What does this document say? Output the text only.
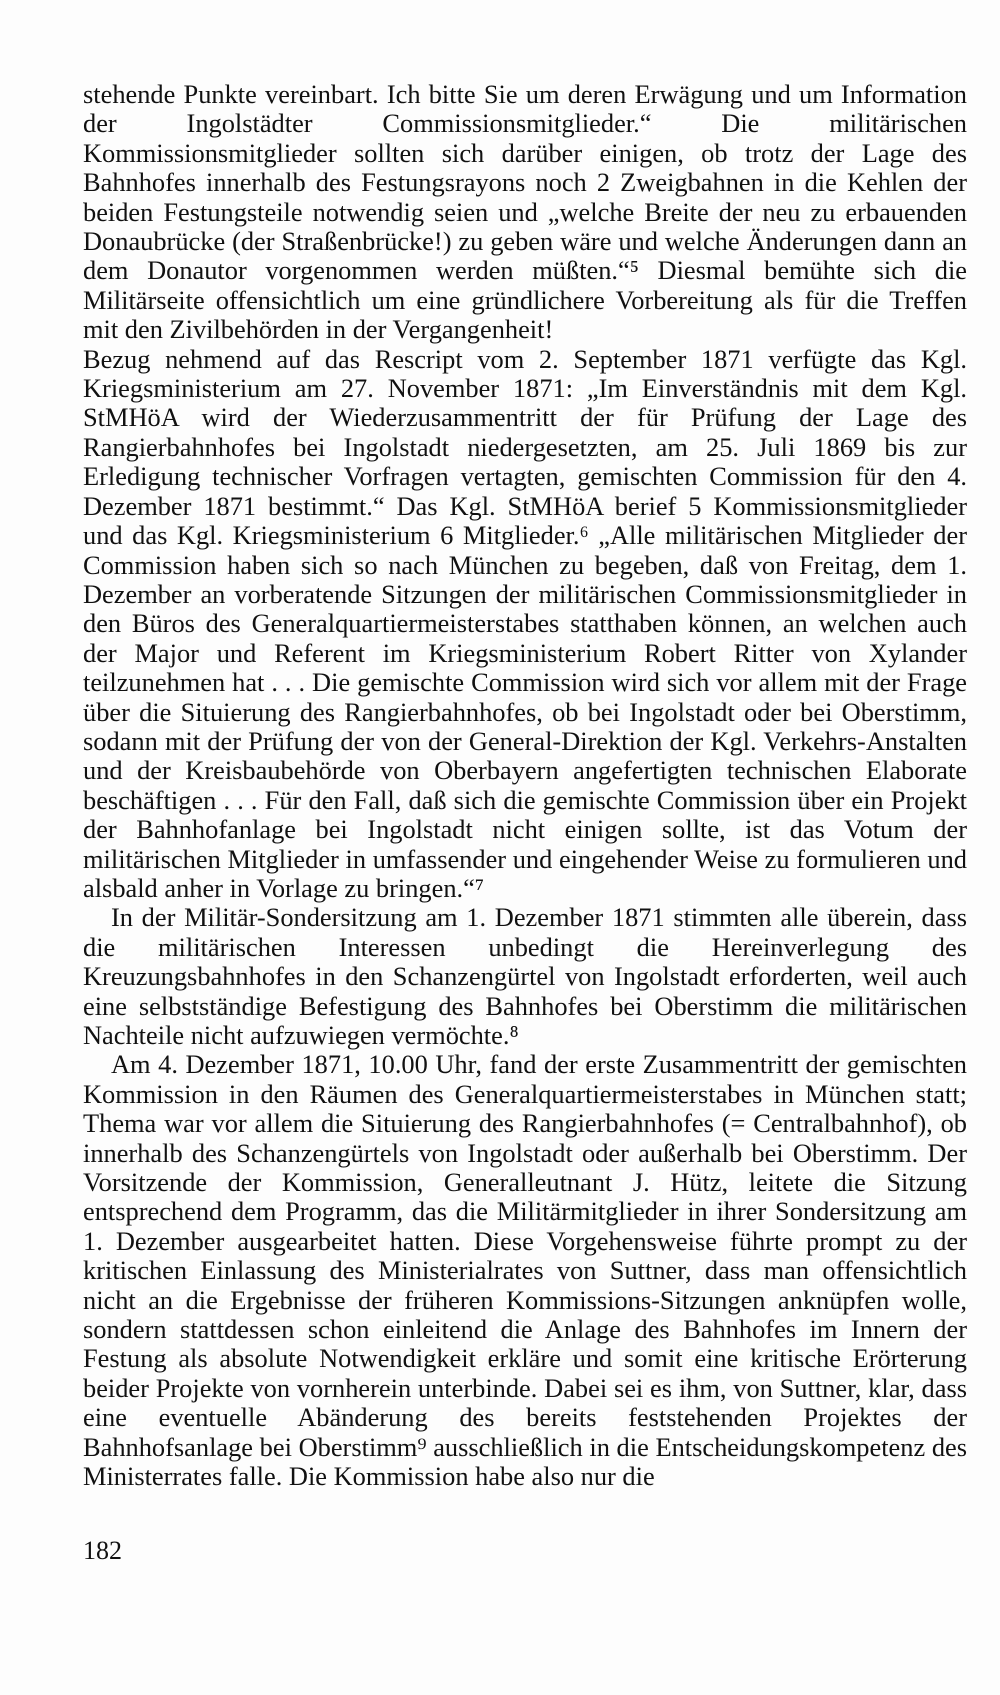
stehende Punkte vereinbart. Ich bitte Sie um deren Erwägung und um Information der Ingolstädter Commissionsmitglieder.“ Die militärischen Kommissionsmitglieder sollten sich darüber einigen, ob trotz der Lage des Bahnhofes innerhalb des Festungsrayons noch 2 Zweigbahnen in die Kehlen der beiden Festungsteile notwendig seien und „welche Breite der neu zu erbauenden Donaubrücke (der Straßenbrücke!) zu geben wäre und welche Änderungen dann an dem Donautor vorgenommen werden müßten.“⁵ Diesmal bemühte sich die Militärseite offensichtlich um eine gründlichere Vorbereitung als für die Treffen mit den Zivilbehörden in der Vergangenheit!

Bezug nehmend auf das Rescript vom 2. September 1871 verfügte das Kgl. Kriegsministerium am 27. November 1871: „Im Einverständnis mit dem Kgl. StMHöA wird der Wiederzusammentritt der für Prüfung der Lage des Rangierbahnhofes bei Ingolstadt niedergesetzten, am 25. Juli 1869 bis zur Erledigung technischer Vorfragen vertagten, gemischten Commission für den 4. Dezember 1871 bestimmt.“ Das Kgl. StMHöA berief 5 Kommissionsmitglieder und das Kgl. Kriegsministerium 6 Mitglieder.⁶ „Alle militärischen Mitglieder der Commission haben sich so nach München zu begeben, daß von Freitag, dem 1. Dezember an vorberatende Sitzungen der militärischen Commissionsmitglieder in den Büros des Generalquartiermeisterstabes statthaben können, an welchen auch der Major und Referent im Kriegsministerium Robert Ritter von Xylander teilzunehmen hat . . . Die gemischte Commission wird sich vor allem mit der Frage über die Situierung des Rangierbahnhofes, ob bei Ingolstadt oder bei Oberstimm, sodann mit der Prüfung der von der General-Direktion der Kgl. Verkehrs-Anstalten und der Kreisbaubehörde von Oberbayern angefertigten technischen Elaborate beschäftigen . . . Für den Fall, daß sich die gemischte Commission über ein Projekt der Bahnhofanlage bei Ingolstadt nicht einigen sollte, ist das Votum der militärischen Mitglieder in umfassender und eingehender Weise zu formulieren und alsbald anher in Vorlage zu bringen.“⁷

In der Militär-Sondersitzung am 1. Dezember 1871 stimmten alle überein, dass die militärischen Interessen unbedingt die Hereinverlegung des Kreuzungsbahnhofes in den Schanzengürtel von Ingolstadt erforderten, weil auch eine selbstständige Befestigung des Bahnhofes bei Oberstimm die militärischen Nachteile nicht aufzuwiegen vermöchte.⁸

Am 4. Dezember 1871, 10.00 Uhr, fand der erste Zusammentritt der gemischten Kommission in den Räumen des Generalquartiermeisterstabes in München statt; Thema war vor allem die Situierung des Rangierbahnhofes (= Centralbahnhof), ob innerhalb des Schanzengürtels von Ingolstadt oder außerhalb bei Oberstimm. Der Vorsitzende der Kommission, Generalleutnant J. Hütz, leitete die Sitzung entsprechend dem Programm, das die Militärmitglieder in ihrer Sondersitzung am 1. Dezember ausgearbeitet hatten. Diese Vorgehensweise führte prompt zu der kritischen Einlassung des Ministerialrates von Suttner, dass man offensichtlich nicht an die Ergebnisse der früheren Kommissions-Sitzungen anknüpfen wolle, sondern stattdessen schon einleitend die Anlage des Bahnhofes im Innern der Festung als absolute Notwendigkeit erkläre und somit eine kritische Erörterung beider Projekte von vornherein unterbinde. Dabei sei es ihm, von Suttner, klar, dass eine eventuelle Abänderung des bereits feststehenden Projektes der Bahnhofsanlage bei Oberstimm⁹ ausschließlich in die Entscheidungskompetenz des Ministerrates falle. Die Kommission habe also nur die

182
